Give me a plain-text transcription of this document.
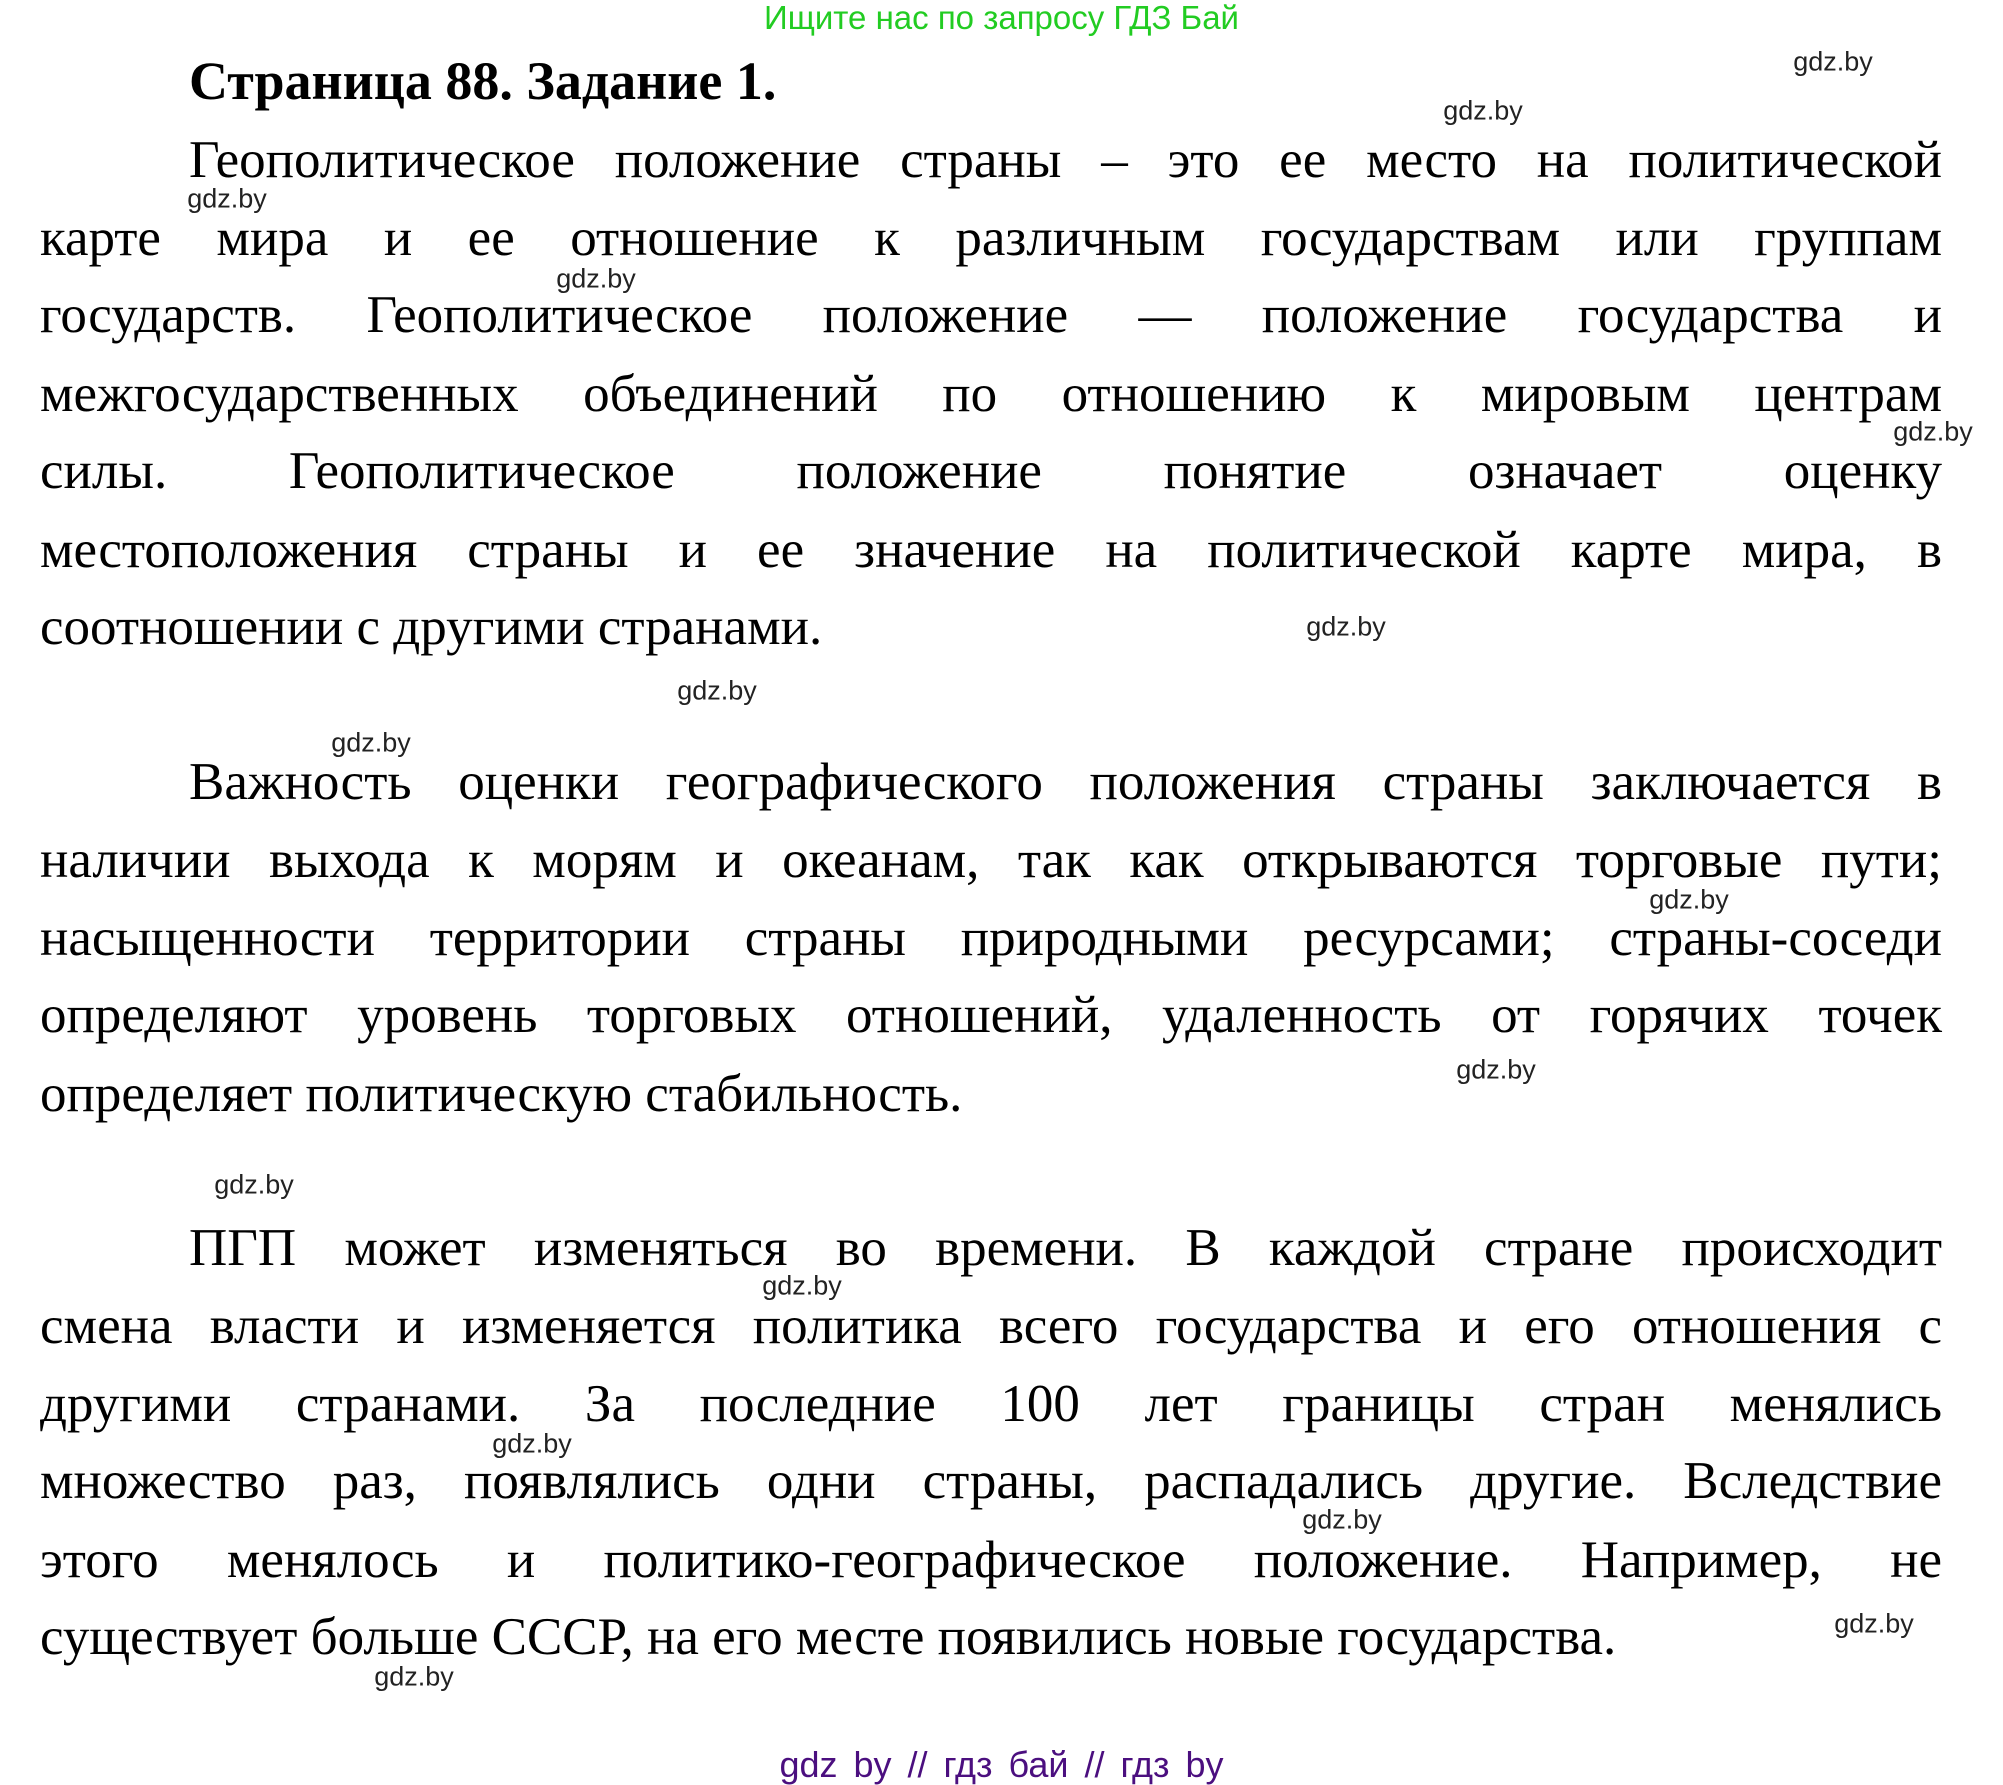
Ищите нас по запросу ГДЗ Бай
Страница 88. Задание 1.
Геополитическое положение страны – это ее место на политической
карте мира и ее отношение к различным государствам или группам
государств. Геополитическое положение — положение государства и
межгосударственных объединений по отношению к мировым центрам
силы. Геополитическое положение понятие означает оценку
местоположения страны и ее значение на политической карте мира, в
соотношении с другими странами.
Важность оценки географического положения страны заключается в
наличии выхода к морям и океанам, так как открываются торговые пути;
насыщенности территории страны природными ресурсами; страны-соседи
определяют уровень торговых отношений, удаленность от горячих точек
определяет политическую стабильность.
ПГП может изменяться во времени. В каждой стране происходит
смена власти и изменяется политика всего государства и его отношения с
другими странами. За последние 100 лет границы стран менялись
множество раз, появлялись одни страны, распадались другие. Вследствие
этого менялось и политико-географическое положение. Например, не
существует больше СССР, на его месте появились новые государства.
gdz.by
gdz.by
gdz.by
gdz.by
gdz.by
gdz.by
gdz.by
gdz.by
gdz.by
gdz.by
gdz.by
gdz.by
gdz.by
gdz.by
gdz.by
gdz.by
gdz by // гдз бай // гдз by
